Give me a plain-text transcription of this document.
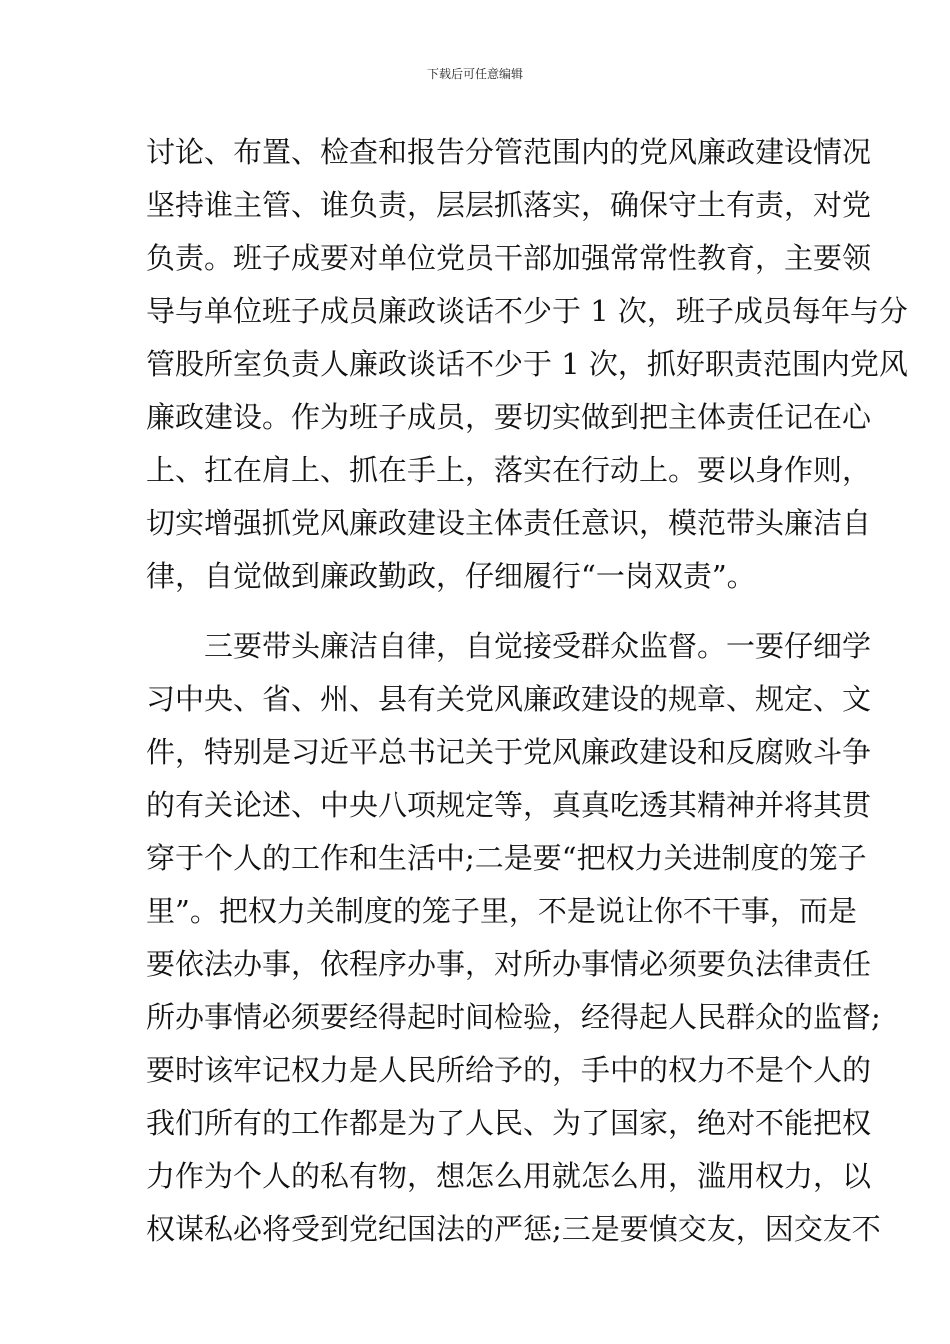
下载后可任意编辑
讨论、布置、检查和报告分管范围内的党风廉政建设情况
坚持谁主管、谁负责，层层抓落实，确保守土有责，对党
负责。班子成要对单位党员干部加强常常性教育，主要领
导与单位班子成员廉政谈话不少于 1 次，班子成员每年与分
管股所室负责人廉政谈话不少于 1 次，抓好职责范围内党风
廉政建设。作为班子成员，要切实做到把主体责任记在心
上、扛在肩上、抓在手上，落实在行动上。要以身作则，
切实增强抓党风廉政建设主体责任意识，模范带头廉洁自
律，自觉做到廉政勤政，仔细履行“一岗双责”。
三要带头廉洁自律，自觉接受群众监督。一要仔细学
习中央、省、州、县有关党风廉政建设的规章、规定、文
件，特别是习近平总书记关于党风廉政建设和反腐败斗争
的有关论述、中央八项规定等，真真吃透其精神并将其贯
穿于个人的工作和生活中;二是要“把权力关进制度的笼子
里”。把权力关制度的笼子里，不是说让你不干事，而是
要依法办事，依程序办事，对所办事情必须要负法律责任
所办事情必须要经得起时间检验，经得起人民群众的监督;
要时该牢记权力是人民所给予的，手中的权力不是个人的
我们所有的工作都是为了人民、为了国家，绝对不能把权
力作为个人的私有物，想怎么用就怎么用，滥用权力，以
权谋私必将受到党纪国法的严惩;三是要慎交友，因交友不
